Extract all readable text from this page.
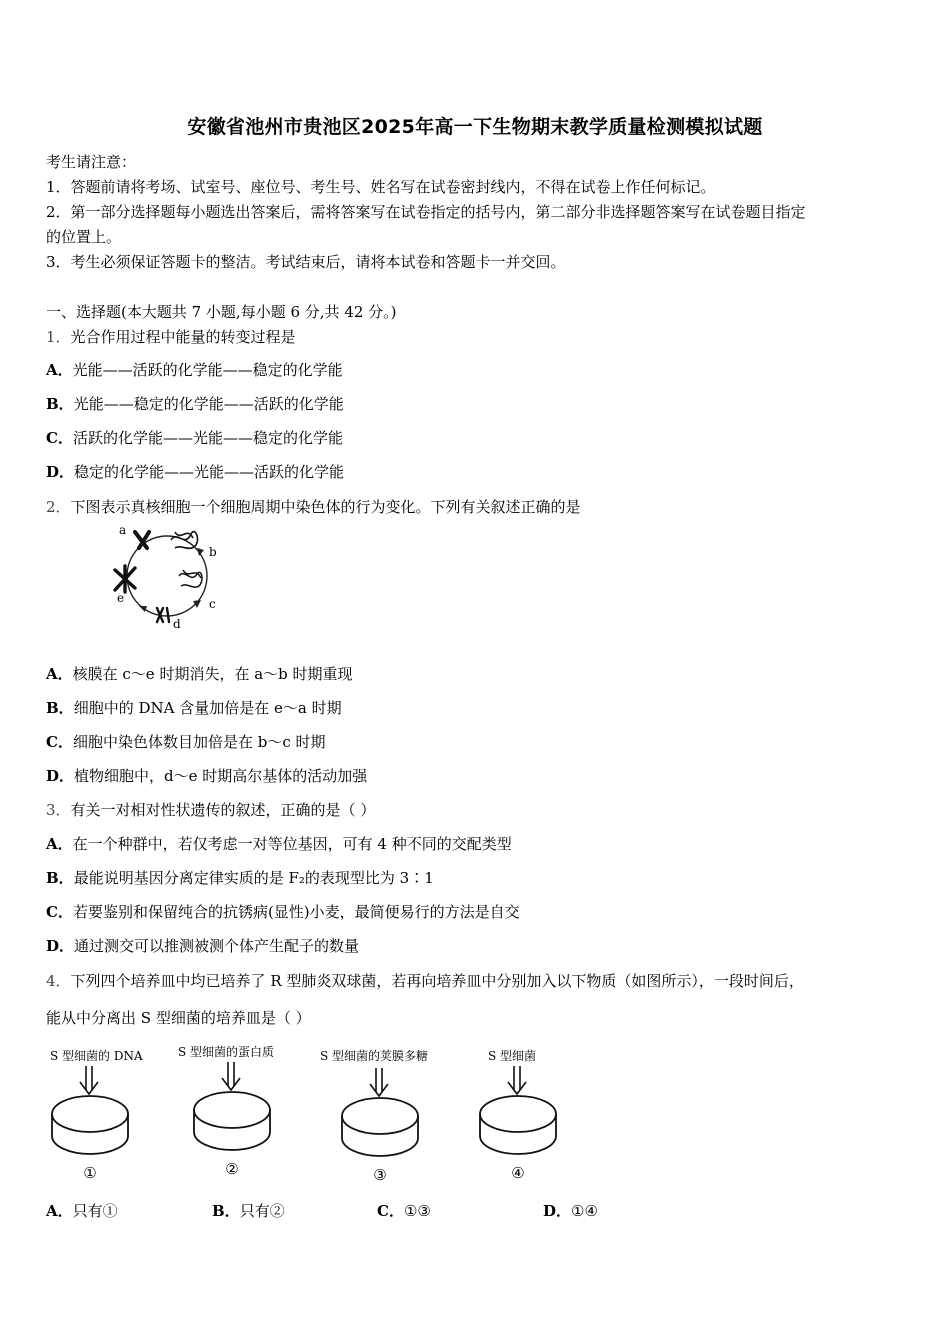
安徽省池州市贵池区2025年高一下生物期末教学质量检测模拟试题
考生请注意：
1．答题前请将考场、试室号、座位号、考生号、姓名写在试卷密封线内，不得在试卷上作任何标记。
2．第一部分选择题每小题选出答案后，需将答案写在试卷指定的括号内，第二部分非选择题答案写在试卷题目指定
的位置上。
3．考生必须保证答题卡的整洁。考试结束后，请将本试卷和答题卡一并交回。
一、选择题(本大题共 7 小题,每小题 6 分,共 42 分。)
1．光合作用过程中能量的转变过程是
A．光能——活跃的化学能——稳定的化学能
B．光能——稳定的化学能——活跃的化学能
C．活跃的化学能——光能——稳定的化学能
D．稳定的化学能——光能——活跃的化学能
2．下图表示真核细胞一个细胞周期中染色体的行为变化。下列有关叙述正确的是
a
b
c
d
e
A．核膜在 c～e 时期消失，在 a～b 时期重现
B．细胞中的 DNA 含量加倍是在 e～a 时期
C．细胞中染色体数目加倍是在 b～c 时期
D．植物细胞中，d～e 时期高尔基体的活动加强
3．有关一对相对性状遗传的叙述，正确的是（ ）
A．在一个种群中，若仅考虑一对等位基因，可有 4 种不同的交配类型
B．最能说明基因分离定律实质的是 F₂的表现型比为 3∶1
C．若要鉴别和保留纯合的抗锈病(显性)小麦，最简便易行的方法是自交
D．通过测交可以推测被测个体产生配子的数量
4．下列四个培养皿中均已培养了 R 型肺炎双球菌，若再向培养皿中分别加入以下物质（如图所示），一段时间后，
能从中分离出 S 型细菌的培养皿是（ ）
S 型细菌的 DNA	S 型细菌的蛋白质	S 型细菌的荚膜多糖	S 型细菌
①	②	③	④
A．只有①	B．只有②	C．①③	D．①④
